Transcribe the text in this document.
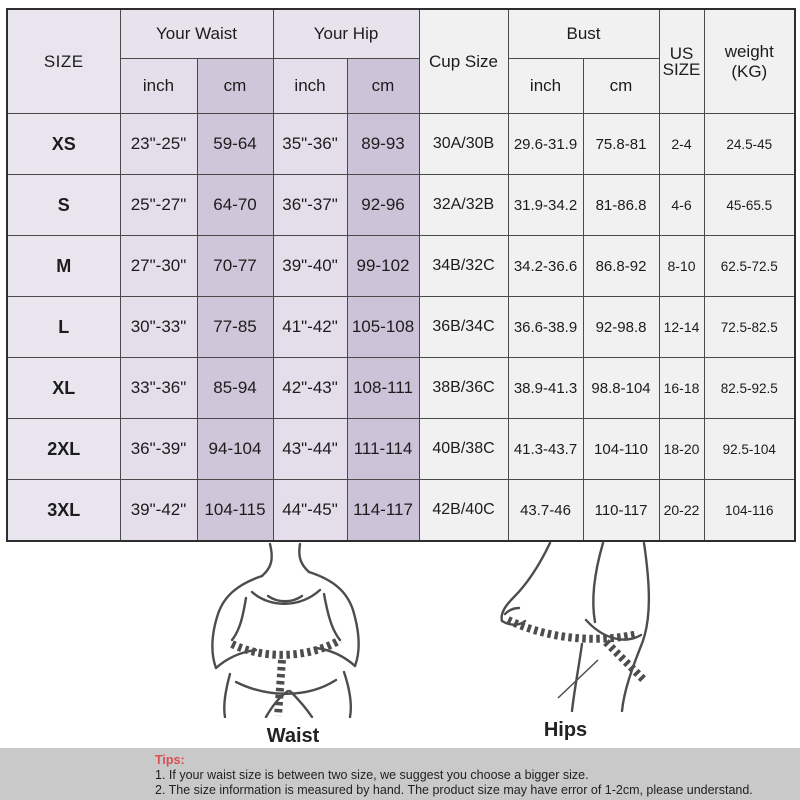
SIZE	Your Waist		Your Hip		Cup Size	Bust		US
SIZE	weight
(KG)
	inch	cm	inch	cm		inch	cm		
XS	23"-25"	59-64	35"-36"	89-93	30A/30B	29.6-31.9	75.8-81	2-4	24.5-45
S	25"-27"	64-70	36"-37"	92-96	32A/32B	31.9-34.2	81-86.8	4-6	45-65.5
M	27"-30"	70-77	39"-40"	99-102	34B/32C	34.2-36.6	86.8-92	8-10	62.5-72.5
L	30"-33"	77-85	41"-42"	105-108	36B/34C	36.6-38.9	92-98.8	12-14	72.5-82.5
XL	33"-36"	85-94	42"-43"	108-111	38B/36C	38.9-41.3	98.8-104	16-18	82.5-92.5
2XL	36"-39"	94-104	43"-44"	111-114	40B/38C	41.3-43.7	104-110	18-20	92.5-104
3XL	39"-42"	104-115	44"-45"	114-117	42B/40C	43.7-46	110-117	20-22	104-116
Waist	Hips
Tips:
1. If your waist size is between two size, we suggest you choose a bigger size.
2. The size information is measured by hand. The product size may have error of 1-2cm, please understand.
